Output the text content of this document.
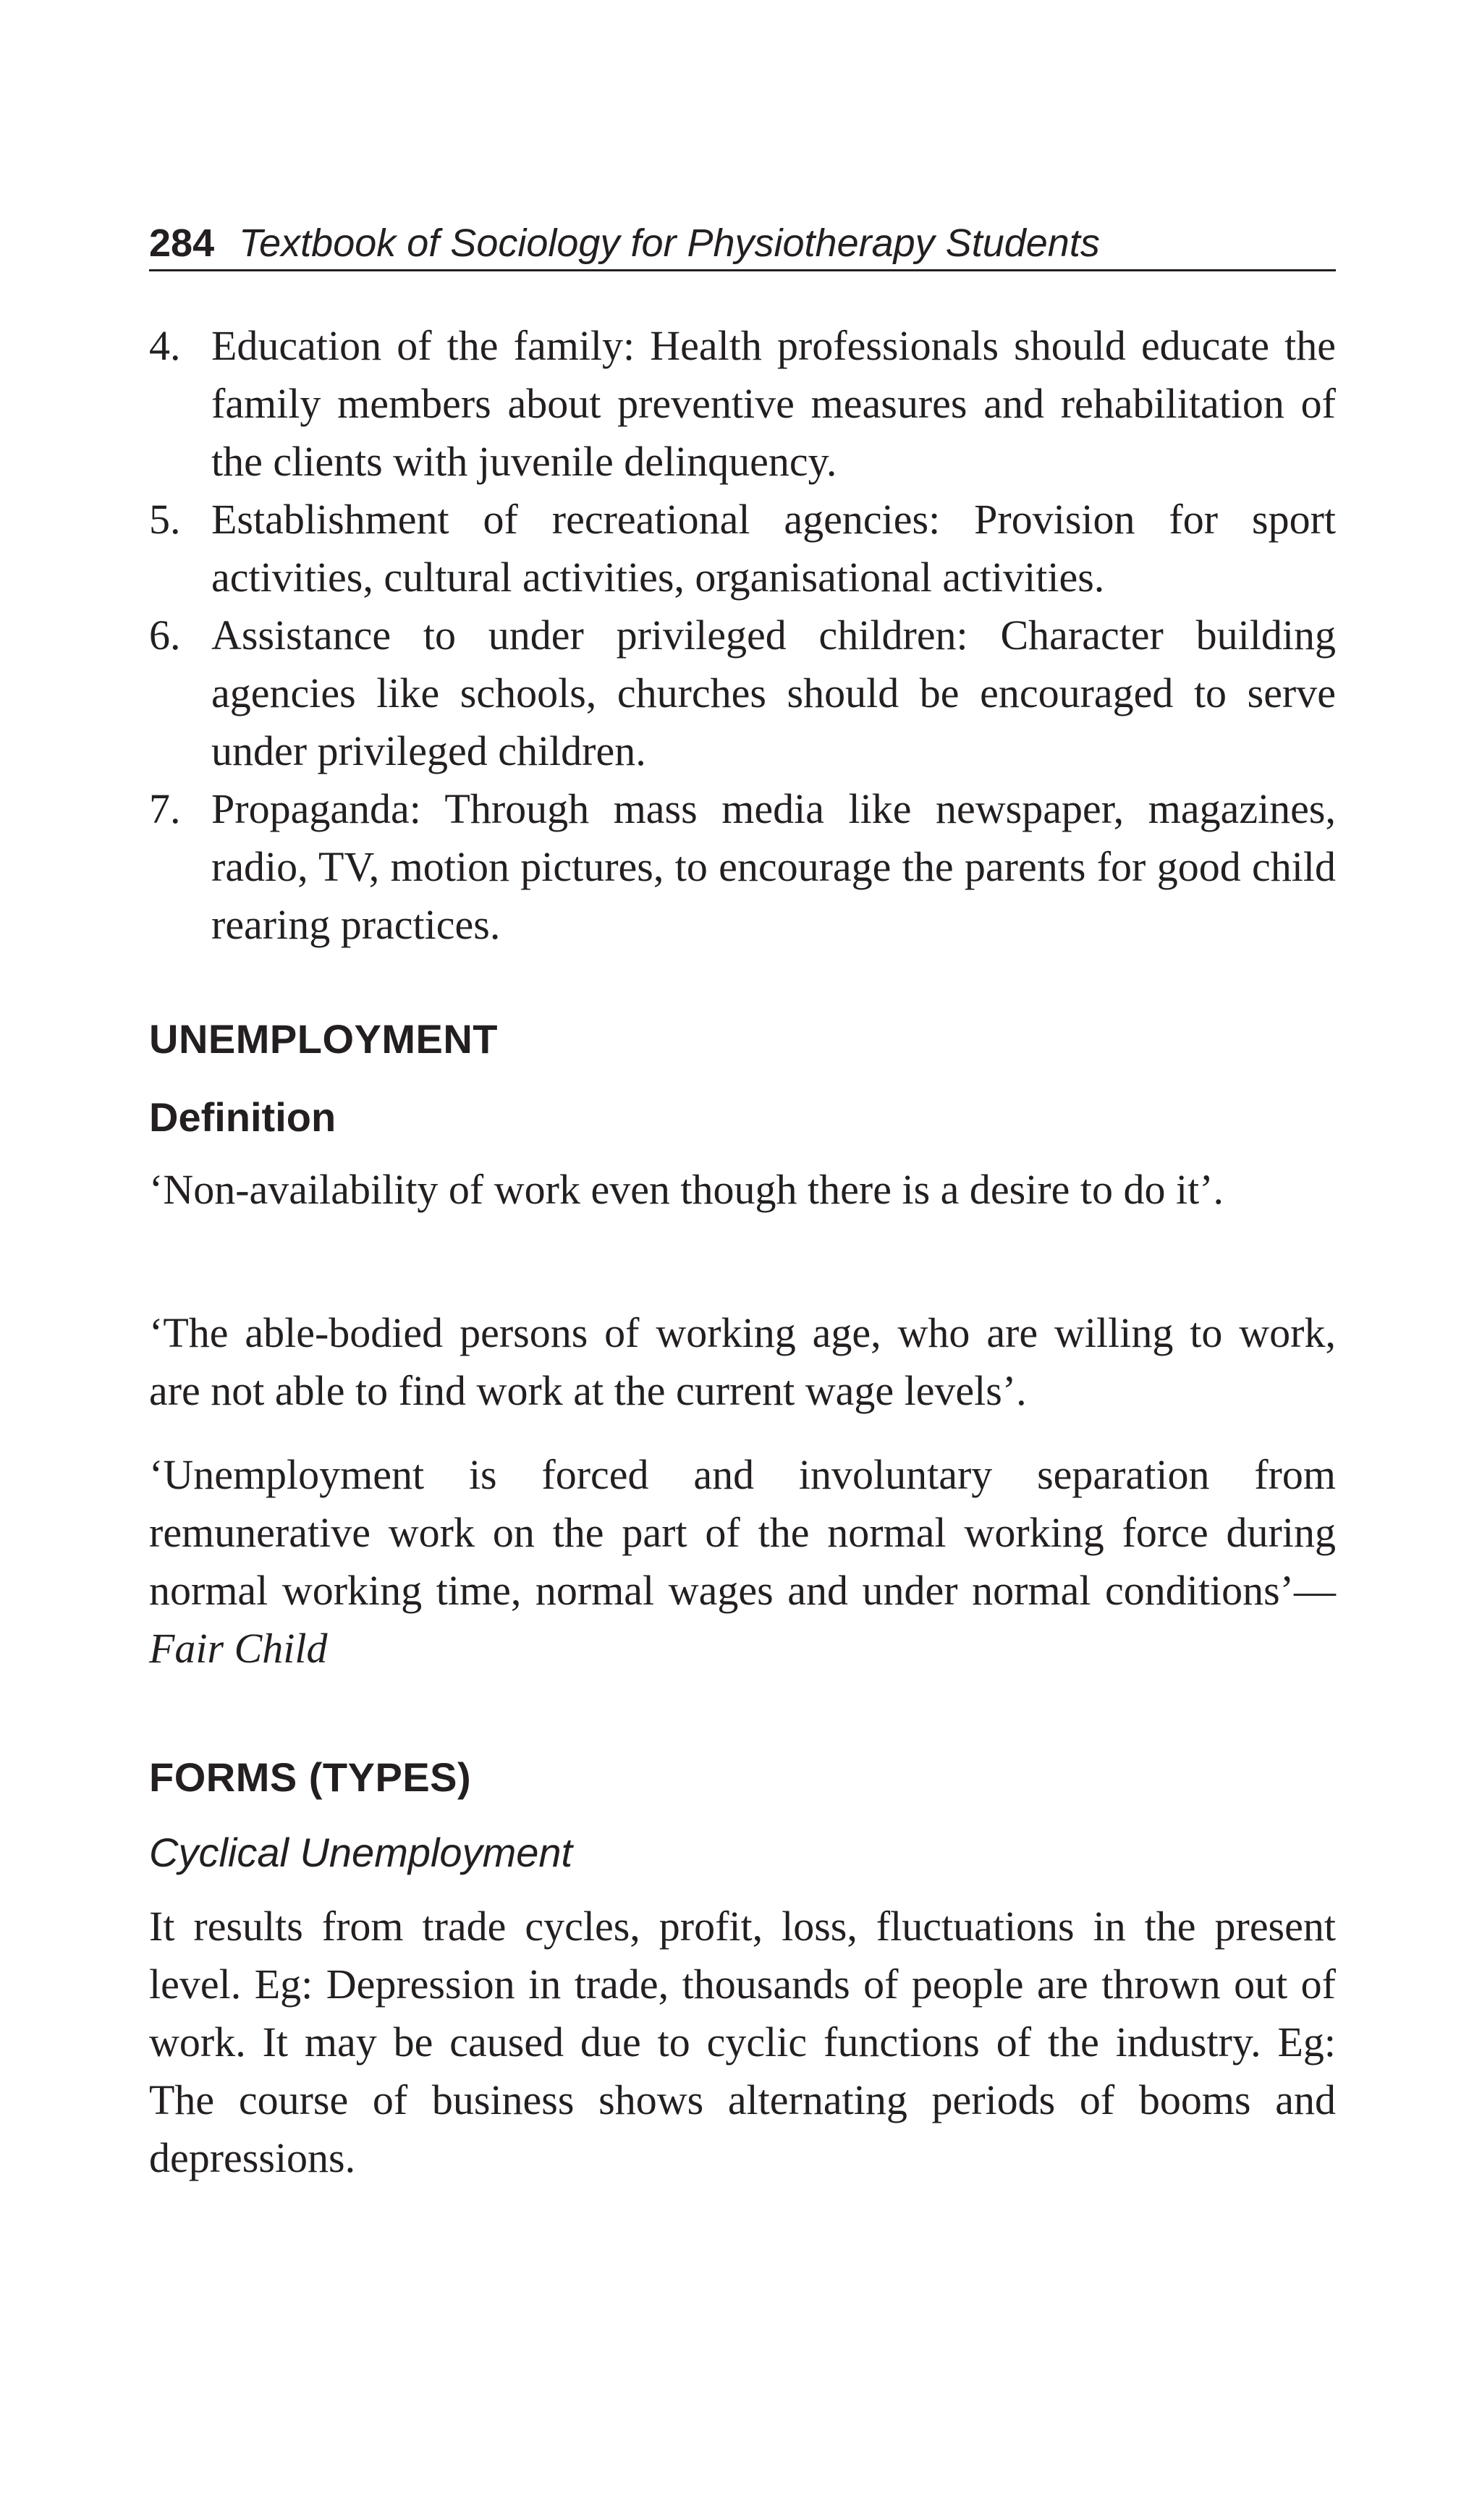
284 Textbook of Sociology for Physiotherapy Students
4. Education of the family: Health professionals should educate the family members about preventive measures and rehabilitation of the clients with juvenile delinquency.
5. Establishment of recreational agencies: Provision for sport activities, cultural activities, organisational activities.
6. Assistance to under privileged children: Character building agencies like schools, churches should be encouraged to serve under privileged children.
7. Propaganda: Through mass media like newspaper, magazines, radio, TV, motion pictures, to encourage the parents for good child rearing practices.
UNEMPLOYMENT
Definition

‘Non-availability of work even though there is a desire to do it’.

‘The able-bodied persons of working age, who are willing to work, are not able to find work at the current wage levels’.

‘Unemployment is forced and involuntary separation from remunerative work on the part of the normal working force during normal working time, normal wages and under normal conditions’—Fair Child

FORMS (TYPES)
Cyclical Unemployment

It results from trade cycles, profit, loss, fluctuations in the present level. Eg: Depression in trade, thousands of people are thrown out of work. It may be caused due to cyclic functions of the industry. Eg: The course of business shows alternating periods of booms and depressions.
